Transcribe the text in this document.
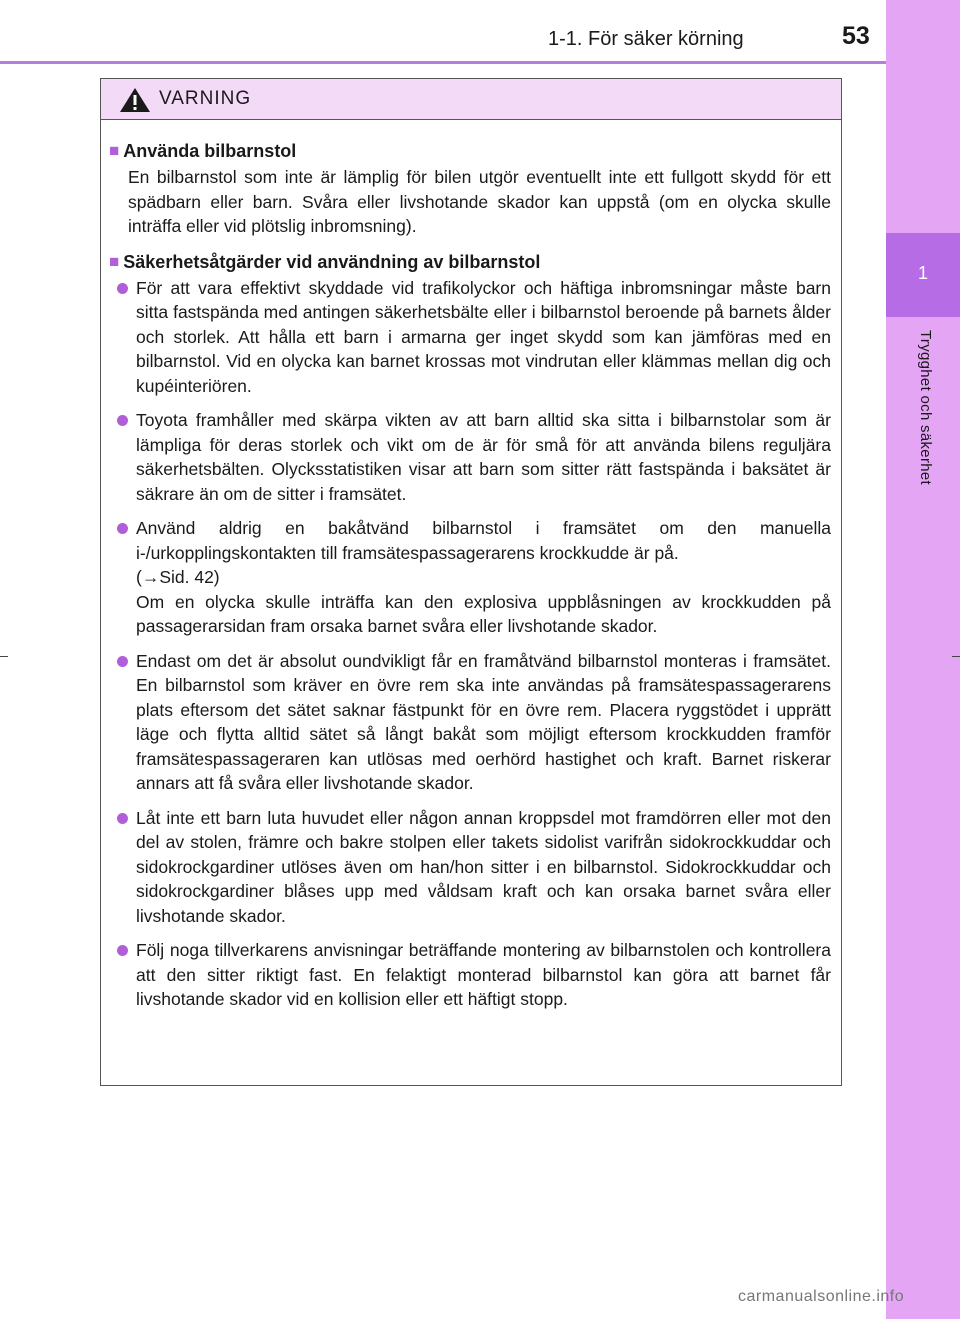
1-1. För säker körning	53
1
Trygghet och säkerhet
VARNING
■ Använda bilbarnstol

En bilbarnstol som inte är lämplig för bilen utgör eventuellt inte ett fullgott skydd för ett spädbarn eller barn. Svåra eller livshotande skador kan uppstå (om en olycka skulle inträffa eller vid plötslig inbromsning).

■ Säkerhetsåtgärder vid användning av bilbarnstol
För att vara effektivt skyddade vid trafikolyckor och häftiga inbromsningar måste barn sitta fastspända med antingen säkerhetsbälte eller i bilbarnstol beroende på barnets ålder och storlek. Att hålla ett barn i armarna ger inget skydd som kan jämföras med en bilbarnstol. Vid en olycka kan barnet krossas mot vindrutan eller klämmas mellan dig och kupéinteriören.
Toyota framhåller med skärpa vikten av att barn alltid ska sitta i bilbarnstolar som är lämpliga för deras storlek och vikt om de är för små för att använda bilens reguljära säkerhetsbälten. Olycksstatistiken visar att barn som sitter rätt fastspända i baksätet är säkrare än om de sitter i framsätet.
Använd aldrig en bakåtvänd bilbarnstol i framsätet om den manuella i-/urkopplingskontakten till framsätespassagerarens krockkudde är på.
(→Sid. 42)
Om en olycka skulle inträffa kan den explosiva uppblåsningen av krockkudden på passagerarsidan fram orsaka barnet svåra eller livshotande skador.
Endast om det är absolut oundvikligt får en framåtvänd bilbarnstol monteras i framsätet. En bilbarnstol som kräver en övre rem ska inte användas på framsätespassagerarens plats eftersom det sätet saknar fästpunkt för en övre rem. Placera ryggstödet i upprätt läge och flytta alltid sätet så långt bakåt som möjligt eftersom krockkudden framför framsätespassageraren kan utlösas med oerhörd hastighet och kraft. Barnet riskerar annars att få svåra eller livshotande skador.
Låt inte ett barn luta huvudet eller någon annan kroppsdel mot framdörren eller mot den del av stolen, främre och bakre stolpen eller takets sidolist varifrån sidokrockkuddar och sidokrockgardiner utlöses även om han/hon sitter i en bilbarnstol. Sidokrockkuddar och sidokrockgardiner blåses upp med våldsam kraft och kan orsaka barnet svåra eller livshotande skador.
Följ noga tillverkarens anvisningar beträffande montering av bilbarnstolen och kontrollera att den sitter riktigt fast. En felaktigt monterad bilbarnstol kan göra att barnet får livshotande skador vid en kollision eller ett häftigt stopp.
carmanualsonline.info
